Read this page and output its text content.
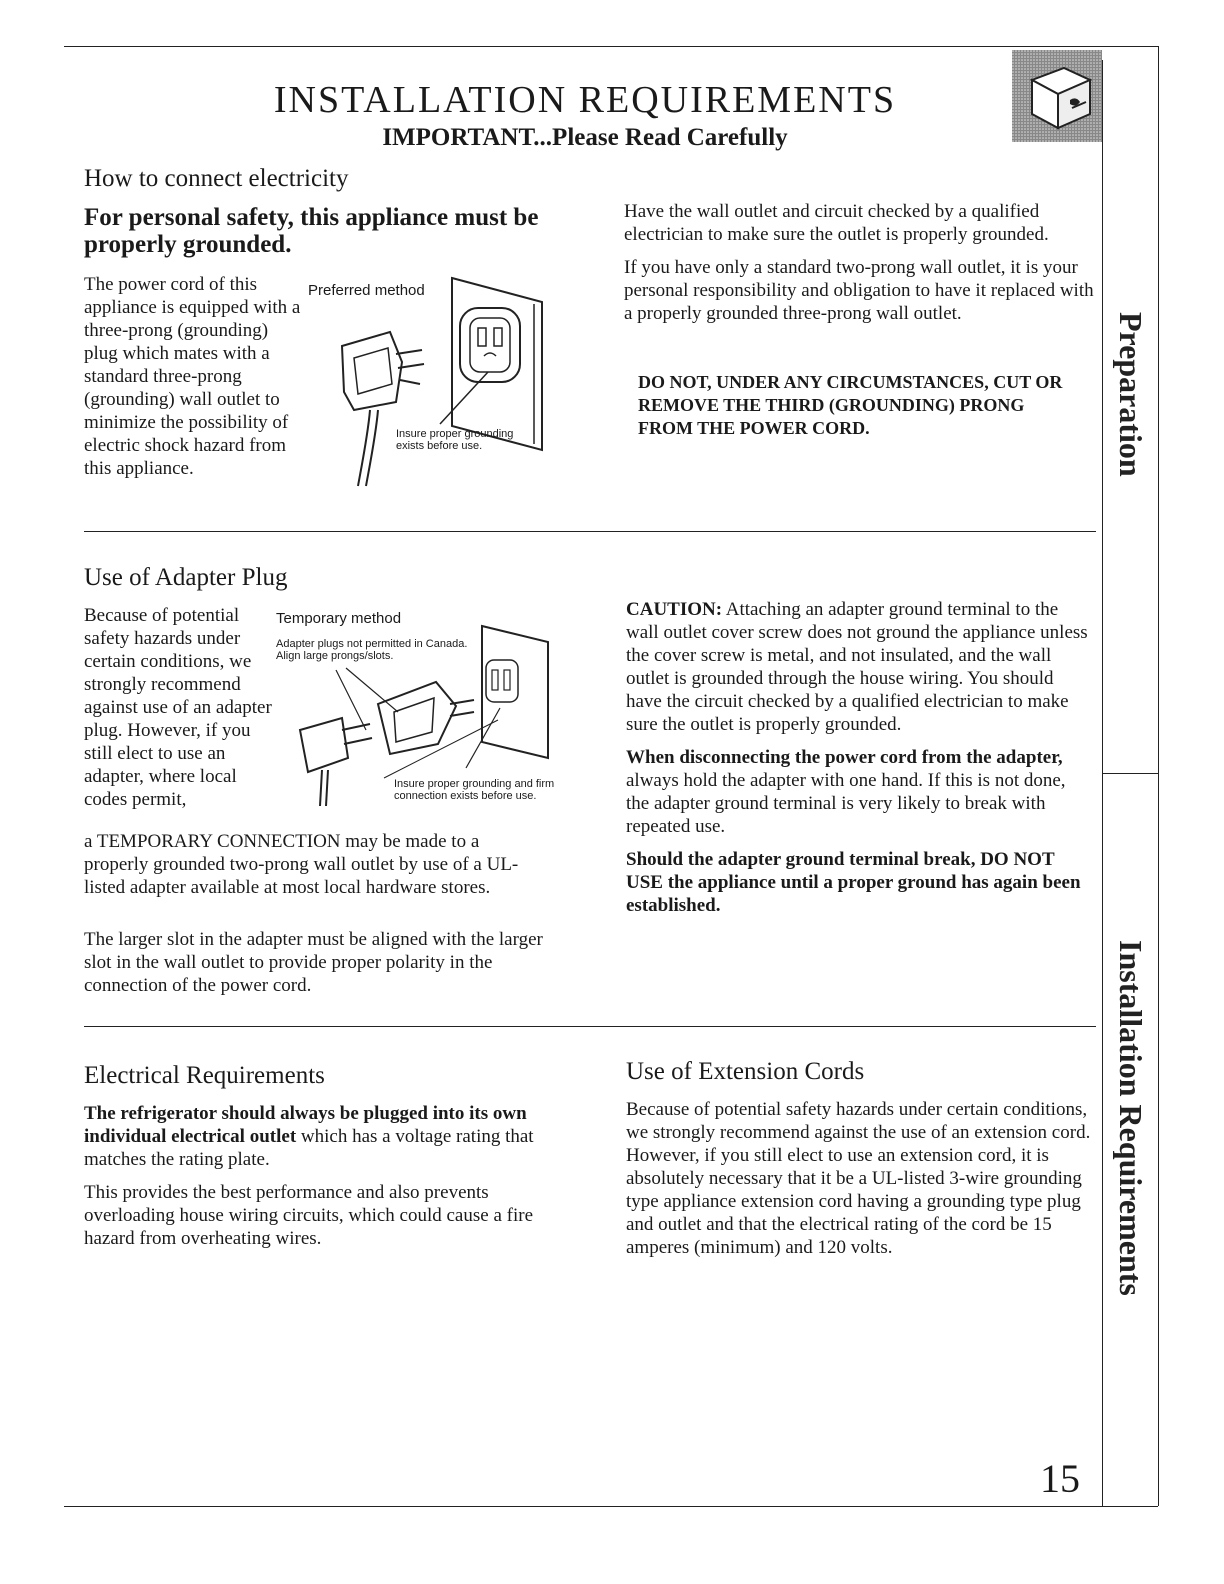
INSTALLATION REQUIREMENTS
IMPORTANT...Please Read Carefully
How to connect electricity
For personal safety, this appliance must be properly grounded.
The power cord of this appliance is equipped with a three-prong (grounding) plug which mates with a standard three-prong (grounding) wall outlet to minimize the possibility of electric shock hazard from this appliance.
Preferred method
Insure proper grounding exists before use.

Have the wall outlet and circuit checked by a qualified electrician to make sure the outlet is properly grounded.

If you have only a standard two-prong wall outlet, it is your personal responsibility and obligation to have it replaced with a properly grounded three-prong wall outlet.

DO NOT, UNDER ANY CIRCUMSTANCES, CUT OR REMOVE THE THIRD (GROUNDING) PRONG FROM THE POWER CORD.
Use of Adapter Plug
Because of potential safety hazards under certain conditions, we strongly recommend against use of an adapter plug. However, if you still elect to use an adapter, where local codes permit,
a TEMPORARY CONNECTION may be made to a properly grounded two-prong wall outlet by use of a UL-listed adapter available at most local hardware stores.
The larger slot in the adapter must be aligned with the larger slot in the wall outlet to provide proper polarity in the connection of the power cord.
Temporary method
Adapter plugs not permitted in Canada. Align large prongs/slots.
Insure proper grounding and firm connection exists before use.

CAUTION: Attaching an adapter ground terminal to the wall outlet cover screw does not ground the appliance unless the cover screw is metal, and not insulated, and the wall outlet is grounded through the house wiring. You should have the circuit checked by a qualified electrician to make sure the outlet is properly grounded.

When disconnecting the power cord from the adapter, always hold the adapter with one hand. If this is not done, the adapter ground terminal is very likely to break with repeated use.

Should the adapter ground terminal break, DO NOT USE the appliance until a proper ground has again been established.

Electrical Requirements

The refrigerator should always be plugged into its own individual electrical outlet which has a voltage rating that matches the rating plate.

This provides the best performance and also prevents overloading house wiring circuits, which could cause a fire hazard from overheating wires.

Use of Extension Cords
Because of potential safety hazards under certain conditions, we strongly recommend against the use of an extension cord. However, if you still elect to use an extension cord, it is absolutely necessary that it be a UL-listed 3-wire grounding type appliance extension cord having a grounding type plug and outlet and that the electrical rating of the cord be 15 amperes (minimum) and 120 volts.
Preparation
Installation Requirements
15
